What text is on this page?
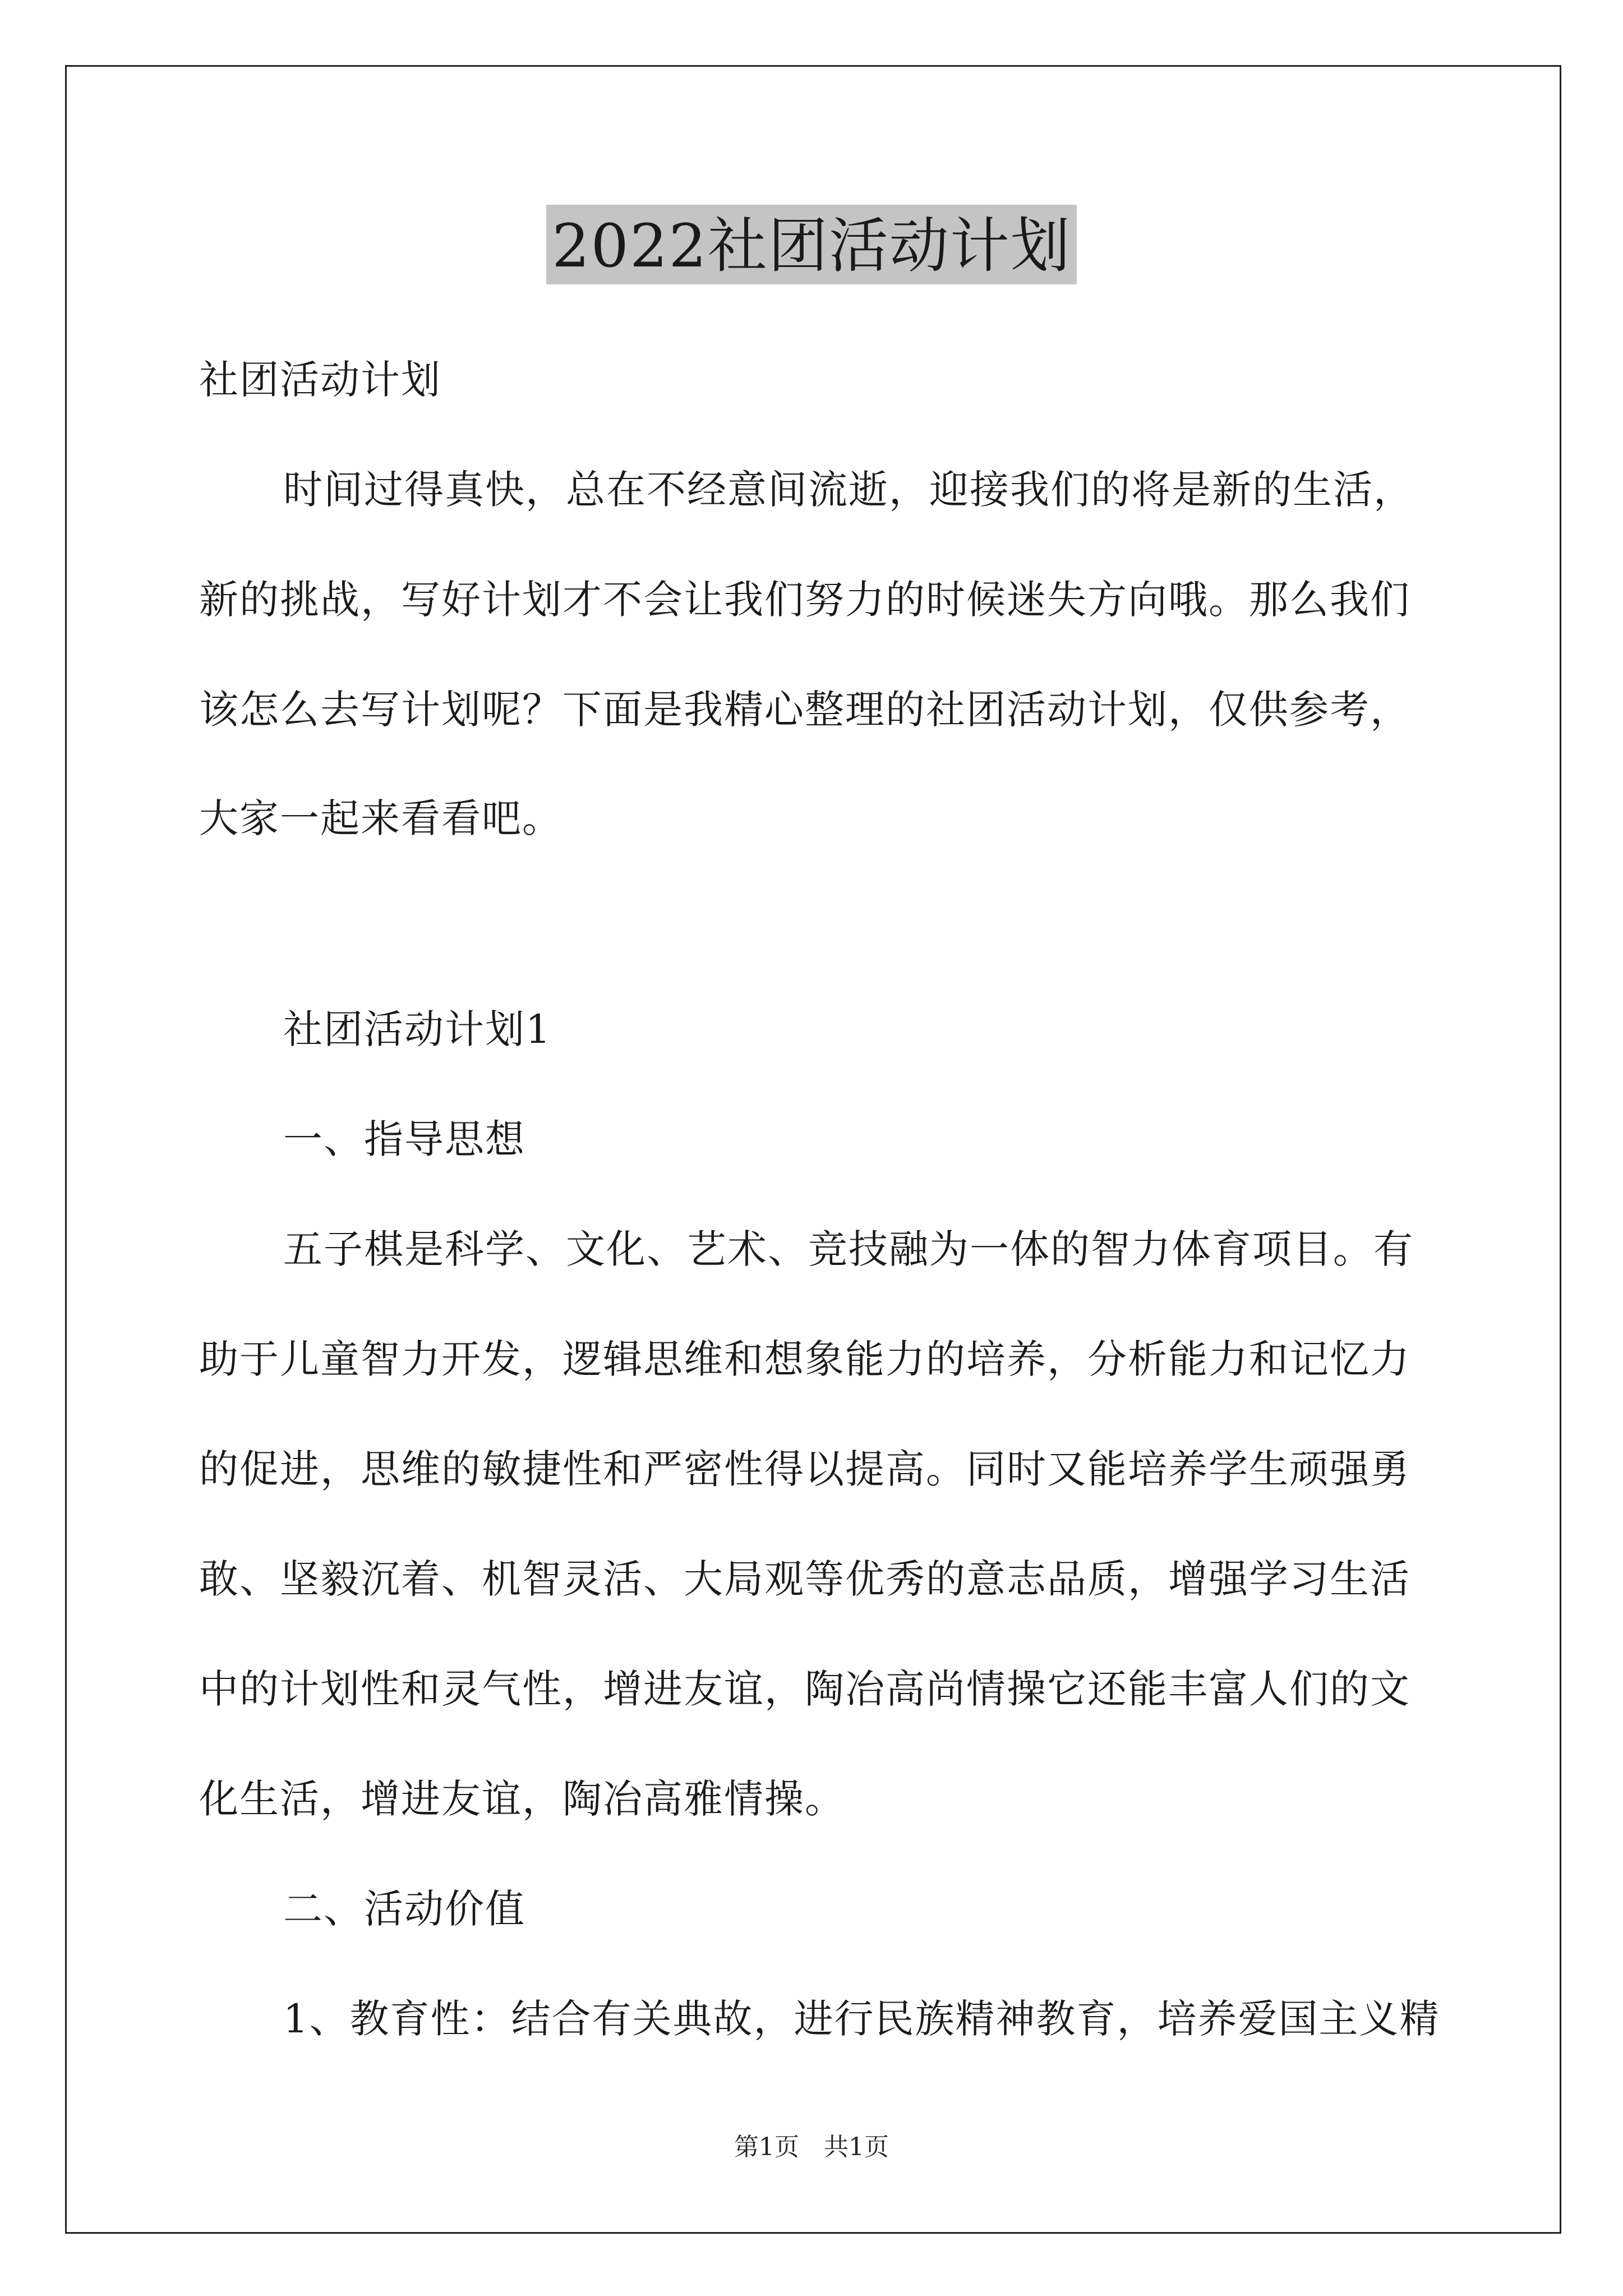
2022社团活动计划
社团活动计划
时间过得真快，总在不经意间流逝，迎接我们的将是新的生活，
新的挑战，写好计划才不会让我们努力的时候迷失方向哦。那么我们
该怎么去写计划呢？下面是我精心整理的社团活动计划，仅供参考，
大家一起来看看吧。
社团活动计划1
一、指导思想
五子棋是科学、文化、艺术、竞技融为一体的智力体育项目。有
助于儿童智力开发，逻辑思维和想象能力的培养，分析能力和记忆力
的促进，思维的敏捷性和严密性得以提高。同时又能培养学生顽强勇
敢、坚毅沉着、机智灵活、大局观等优秀的意志品质，增强学习生活
中的计划性和灵气性，增进友谊，陶冶高尚情操它还能丰富人们的文
化生活，增进友谊，陶冶高雅情操。
二、活动价值
1、教育性：结合有关典故，进行民族精神教育，培养爱国主义精
第1页　共1页
